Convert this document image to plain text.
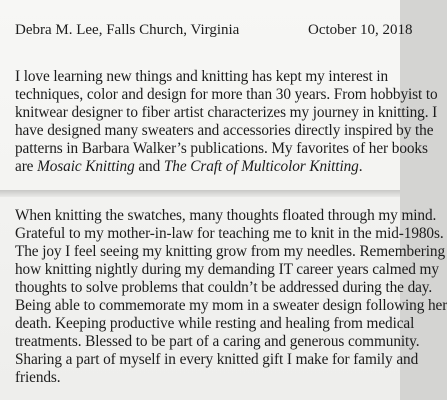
Debra M. Lee, Falls Church, Virginia	October 10, 2018
I love learning new things and knitting has kept my interest in
techniques, color and design for more than 30 years. From hobbyist to
knitwear designer to fiber artist characterizes my journey in knitting. I
have designed many sweaters and accessories directly inspired by the
patterns in Barbara Walker’s publications. My favorites of her books
are Mosaic Knitting and The Craft of Multicolor Knitting.
When knitting the swatches, many thoughts floated through my mind.
Grateful to my mother-in-law for teaching me to knit in the mid-1980s.
The joy I feel seeing my knitting grow from my needles. Remembering
how knitting nightly during my demanding IT career years calmed my
thoughts to solve problems that couldn’t be addressed during the day.
Being able to commemorate my mom in a sweater design following her
death. Keeping productive while resting and healing from medical
treatments. Blessed to be part of a caring and generous community.
Sharing a part of myself in every knitted gift I make for family and
friends.
